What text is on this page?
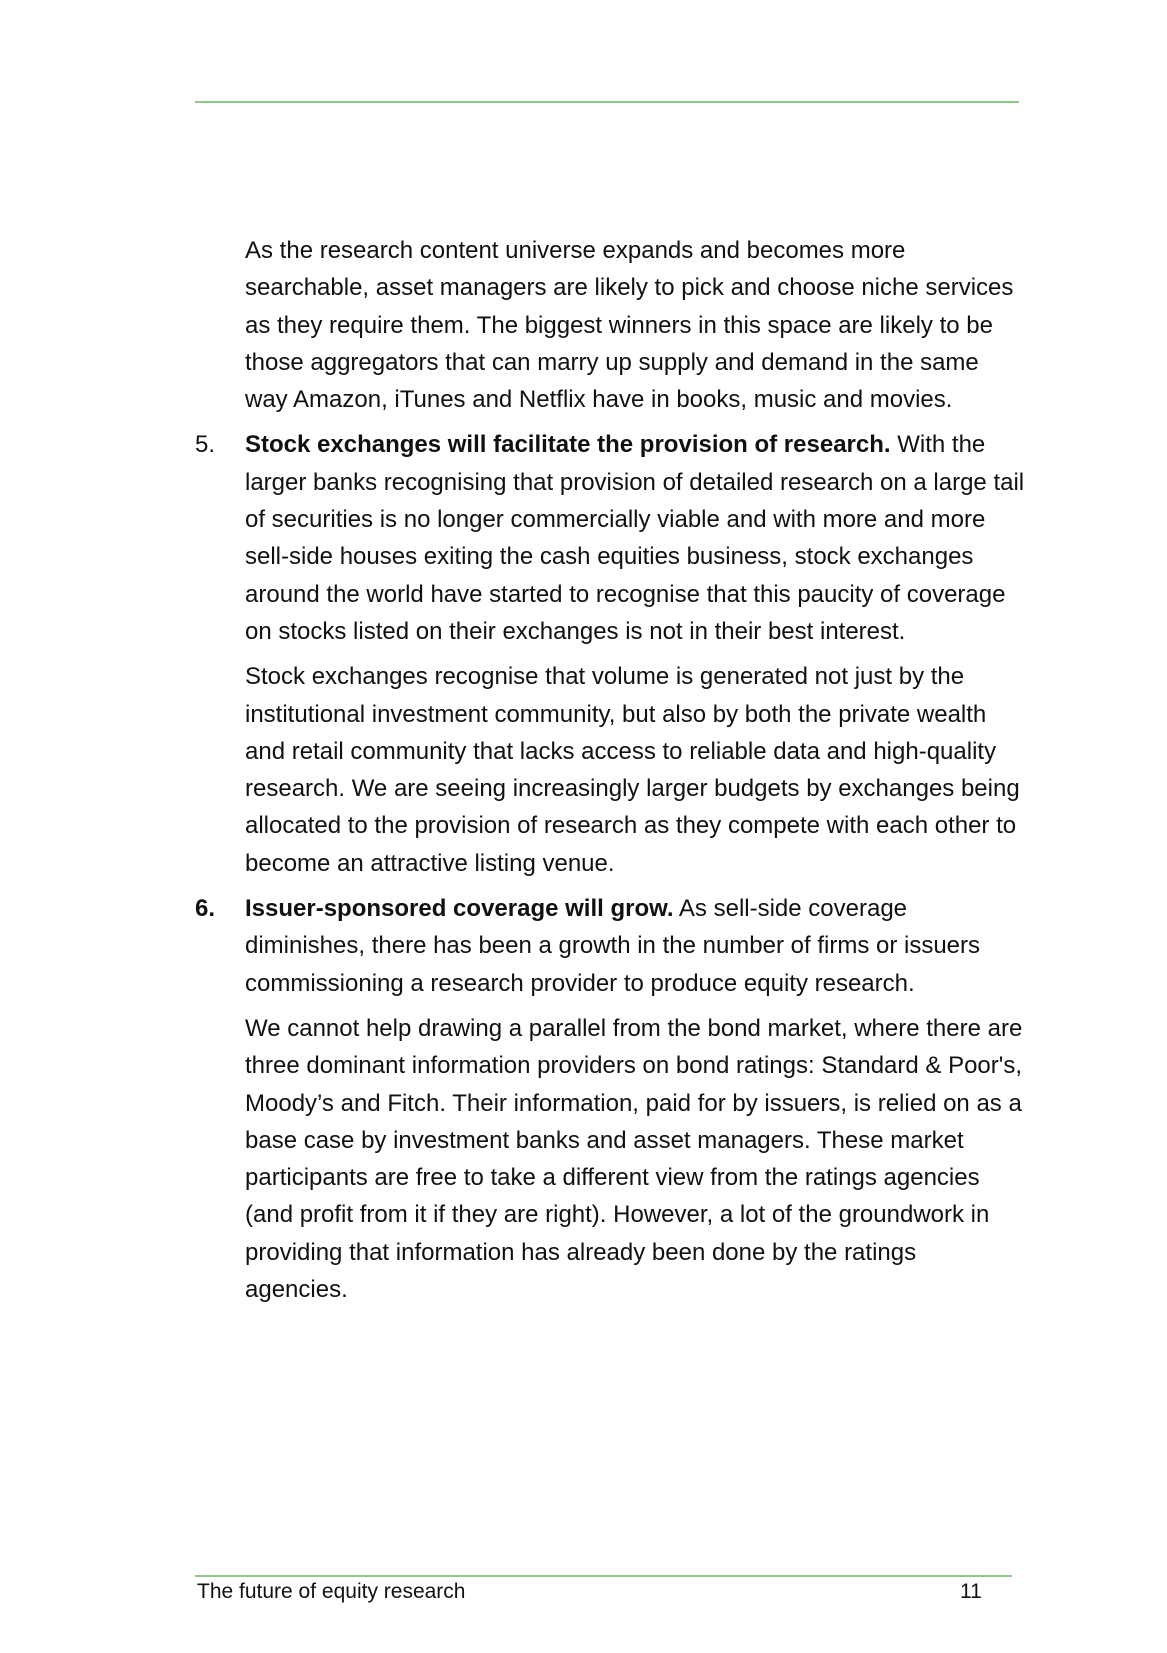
As the research content universe expands and becomes more searchable, asset managers are likely to pick and choose niche services as they require them. The biggest winners in this space are likely to be those aggregators that can marry up supply and demand in the same way Amazon, iTunes and Netflix have in books, music and movies.

5. Stock exchanges will facilitate the provision of research. With the larger banks recognising that provision of detailed research on a large tail of securities is no longer commercially viable and with more and more sell-side houses exiting the cash equities business, stock exchanges around the world have started to recognise that this paucity of coverage on stocks listed on their exchanges is not in their best interest.

Stock exchanges recognise that volume is generated not just by the institutional investment community, but also by both the private wealth and retail community that lacks access to reliable data and high-quality research. We are seeing increasingly larger budgets by exchanges being allocated to the provision of research as they compete with each other to become an attractive listing venue.

6. Issuer-sponsored coverage will grow. As sell-side coverage diminishes, there has been a growth in the number of firms or issuers commissioning a research provider to produce equity research.

We cannot help drawing a parallel from the bond market, where there are three dominant information providers on bond ratings: Standard & Poor's, Moody’s and Fitch. Their information, paid for by issuers, is relied on as a base case by investment banks and asset managers. These market participants are free to take a different view from the ratings agencies (and profit from it if they are right). However, a lot of the groundwork in providing that information has already been done by the ratings agencies.

The future of equity research	11
